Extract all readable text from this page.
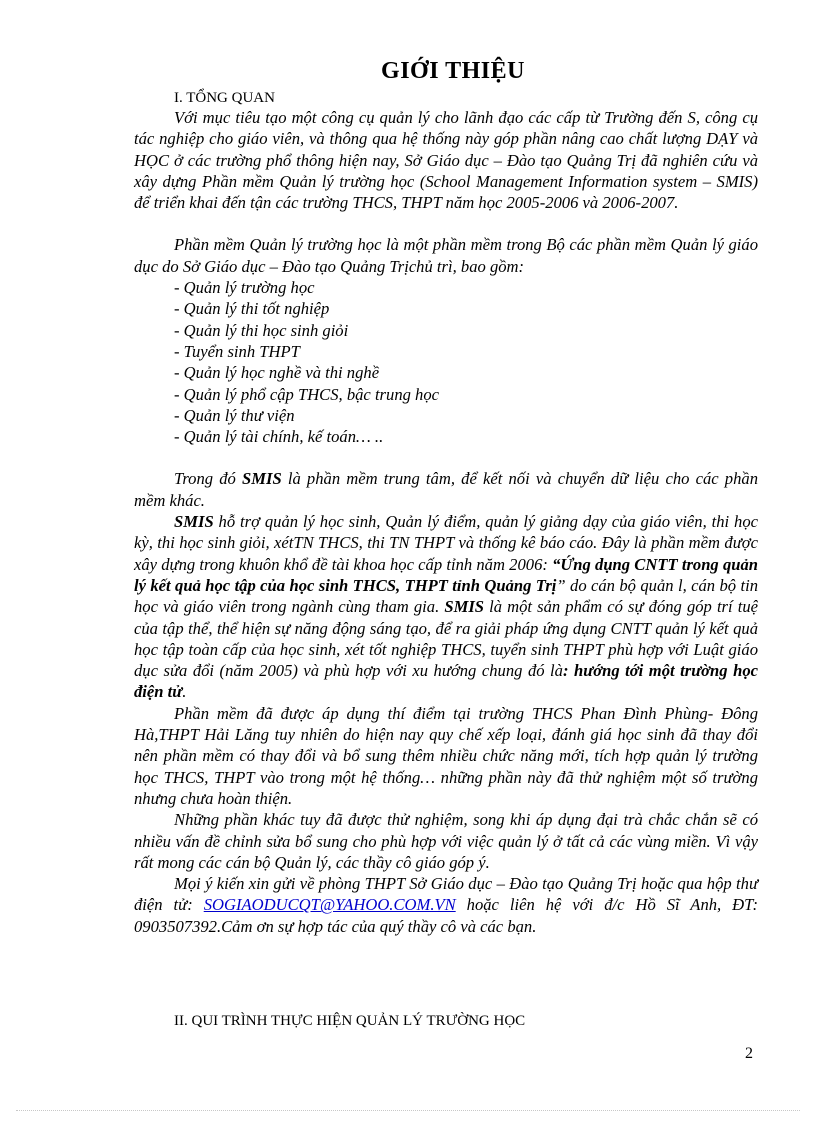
GIỚI THIỆU
I. TỔNG QUAN

Với mục tiêu tạo một công cụ quản lý cho lãnh đạo các cấp từ Trường đến S, công cụ tác nghiệp cho giáo viên, và thông qua hệ thống này góp phần nâng cao chất lượng DẠY và HỌC ở các trường phổ thông hiện nay, Sở Giáo dục – Đào tạo Quảng Trị đã nghiên cứu và xây dựng Phần mềm Quản lý trường học (School Management Information system – SMIS) để triển khai đến tận các trường THCS, THPT năm học 2005-2006 và 2006-2007.

Phần mềm Quản lý trường học là một phần mềm trong Bộ các phần mềm Quản lý giáo dục do Sở Giáo dục – Đào tạo Quảng Trịchủ trì, bao gồm:

- Quản lý trường học
- Quản lý thi tốt nghiệp
- Quản lý thi học sinh giỏi
- Tuyển sinh THPT
- Quản lý học nghề và thi nghề
- Quản lý phổ cập THCS, bậc trung học
- Quản lý thư viện
- Quản lý tài chính, kế toán… ..

Trong đó SMIS là phần mềm trung tâm, để kết nối và chuyển dữ liệu cho các phần mềm khác.

SMIS hỗ trợ quản lý học sinh, Quản lý điểm, quản lý giảng dạy của giáo viên, thi học kỳ, thi học sinh giỏi, xétTN THCS, thi TN THPT và thống kê báo cáo. Đây là phần mềm được xây dựng trong khuôn khổ đề tài khoa học cấp tỉnh năm 2006: “Ứng dụng CNTT trong quản lý kết quả học tập của học sinh THCS, THPT tỉnh Quảng Trị” do cán bộ quản l, cán bộ tin học và giáo viên trong ngành cùng tham gia. SMIS là một sản phẩm có sự đóng góp trí tuệ của tập thể, thể hiện sự năng động sáng tạo, để ra giải pháp ứng dụng CNTT quản lý kết quả học tập toàn cấp của học sinh, xét tốt nghiệp THCS, tuyển sinh THPT phù hợp với Luật giáo dục sửa đổi (năm 2005) và phù hợp với xu hướng chung đó là: hướng tới một trường học điện tử.

Phần mềm đã được áp dụng thí điểm tại trường THCS Phan Đình Phùng- Đông Hà,THPT Hải Lăng tuy nhiên do hiện nay quy chế xếp loại, đánh giá học sinh đã thay đổi nên phần mềm có thay đổi và bổ sung thêm nhiều chức năng mới, tích hợp quản lý trường học THCS, THPT vào trong một hệ thống… những phần này đã thử nghiệm một số trường nhưng chưa hoàn thiện.

Những phần khác tuy đã được thử nghiệm, song khi áp dụng đại trà chắc chắn sẽ có nhiều vấn đề chỉnh sửa bổ sung cho phù hợp với việc quản lý ở tất cả các vùng miền. Vì vậy rất mong các cán bộ Quản lý, các thầy cô giáo góp ý.

Mọi ý kiến xin gửi về phòng THPT Sở Giáo dục – Đào tạo Quảng Trị hoặc qua hộp thư điện tử: SOGIAODUCQT@YAHOO.COM.VN hoặc liên hệ với đ/c Hồ Sĩ Anh, ĐT: 0903507392.Cảm ơn sự hợp tác của quý thầy cô và các bạn.

II. QUI TRÌNH THỰC HIỆN QUẢN LÝ TRƯỜNG HỌC
2
